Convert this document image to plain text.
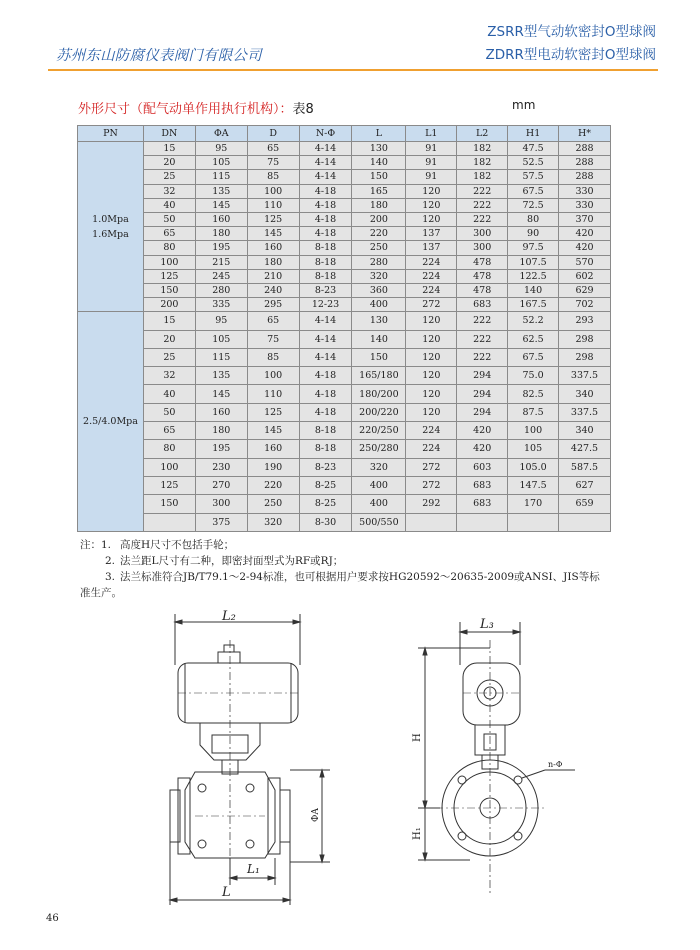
苏州东山防腐仪表阀门有限公司
ZSRR型气动软密封O型球阀
ZDRR型电动软密封O型球阀
外形尺寸（配气动单作用执行机构）：表8	mm
PN	DN	ΦA	D	N-Φ	L	L1	L2	H1	H*

1.0Mpa
1.6Mpa	15	95	65	4-14	130	91	182	47.5	288
	20	105	75	4-14	140	91	182	52.5	288
	25	115	85	4-14	150	91	182	57.5	288
	32	135	100	4-18	165	120	222	67.5	330
	40	145	110	4-18	180	120	222	72.5	330
	50	160	125	4-18	200	120	222	80	370
	65	180	145	4-18	220	137	300	90	420
	80	195	160	8-18	250	137	300	97.5	420
	100	215	180	8-18	280	224	478	107.5	570
	125	245	210	8-18	320	224	478	122.5	602
	150	280	240	8-23	360	224	478	140	629
	200	335	295	12-23	400	272	683	167.5	702

2.5/4.0Mpa	15	95	65	4-14	130	120	222	52.2	293
	20	105	75	4-14	140	120	222	62.5	298
	25	115	85	4-14	150	120	222	67.5	298
	32	135	100	4-18	165/180	120	294	75.0	337.5
	40	145	110	4-18	180/200	120	294	82.5	340
	50	160	125	4-18	200/220	120	294	87.5	337.5
	65	180	145	8-18	220/250	224	420	100	340
	80	195	160	8-18	250/280	224	420	105	427.5
	100	230	190	8-23	320	272	603	105.0	587.5
	125	270	220	8-25	400	272	683	147.5	627
	150	300	250	8-25	400	292	683	170	659
		375	320	8-30	500/550				
注：1. 高度H尺寸不包括手轮；
2. 法兰距L尺寸有二种，即密封面型式为RF或RJ；
3. 法兰标准符合JB/T79.1～2-94标准，也可根据用户要求按HG20592～20635-2009或ANSI、JIS等标
准生产。
L₂
ΦA
L₁
L
L₃
n-Φ
H
H₁
46
